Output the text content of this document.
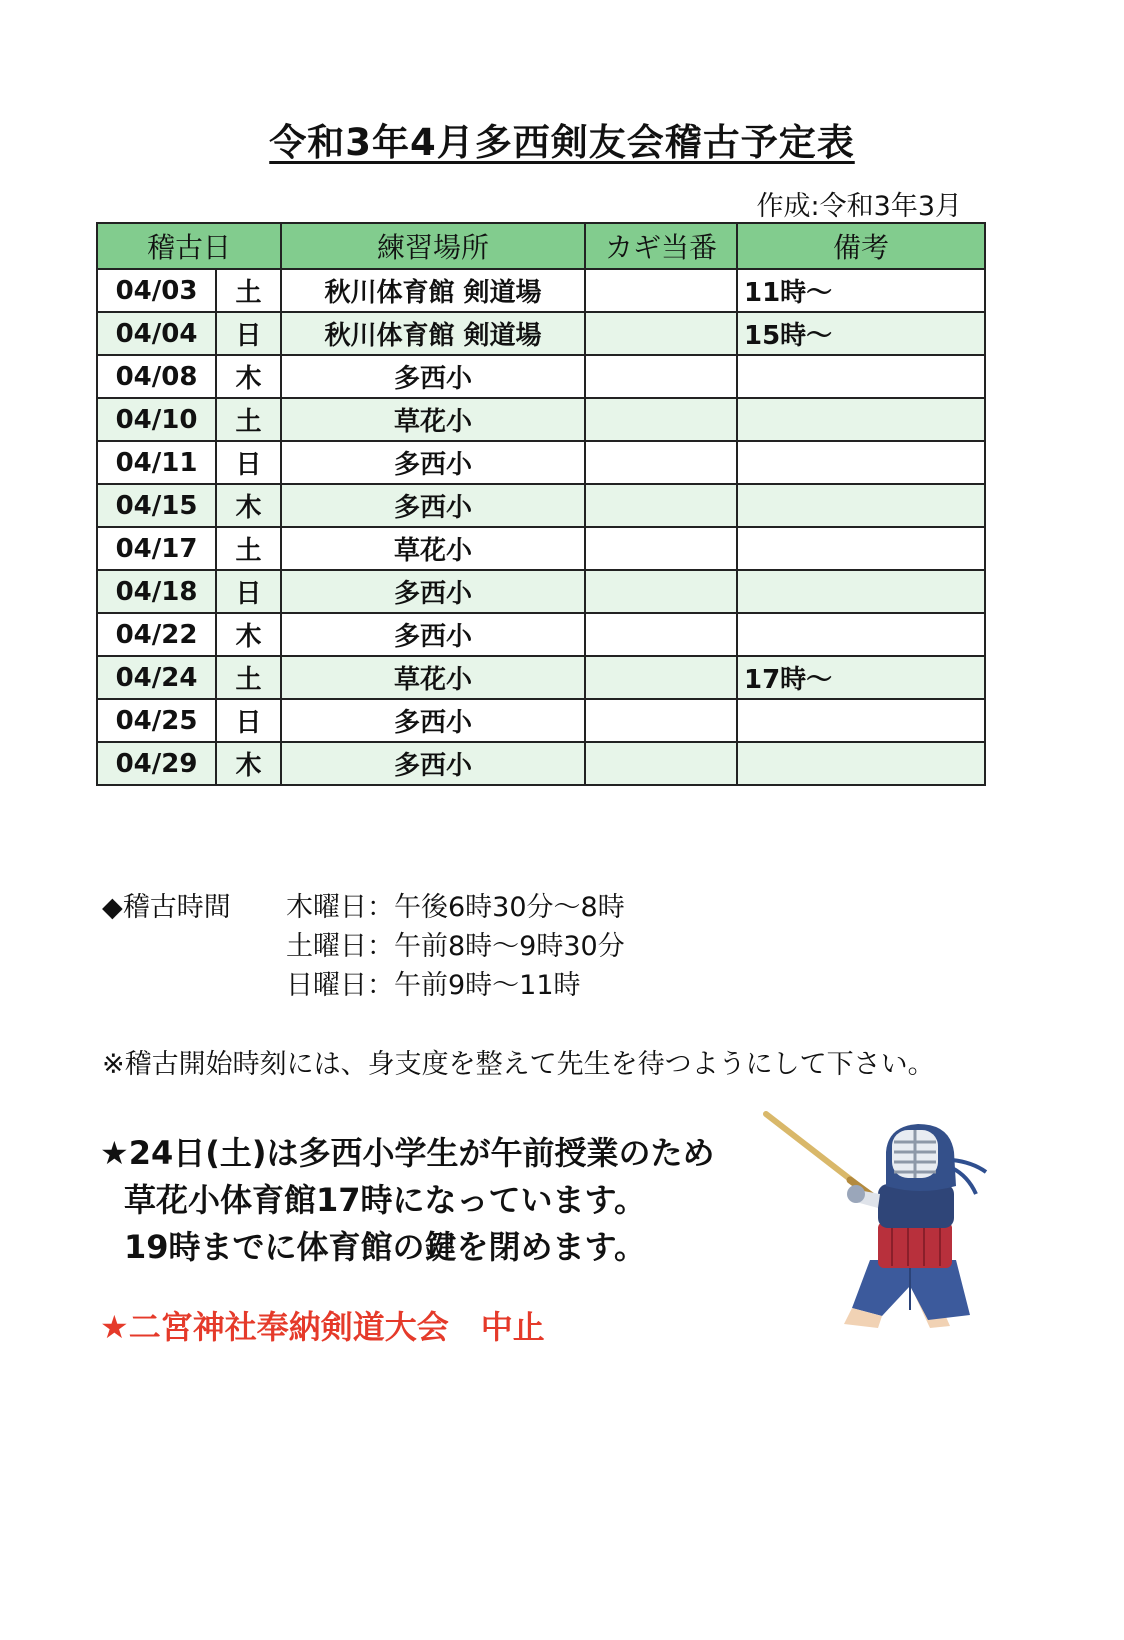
令和3年4月多西剣友会稽古予定表
作成:令和3年3月
稽古日		練習場所	カギ当番	備考
04/03	土	秋川体育館 剣道場		11時～
04/04	日	秋川体育館 剣道場		15時～
04/08	木	多西小		
04/10	土	草花小		
04/11	日	多西小		
04/15	木	多西小		
04/17	土	草花小		
04/18	日	多西小		
04/22	木	多西小		
04/24	土	草花小		17時～
04/25	日	多西小		
04/29	木	多西小		
◆稽古時間 木曜日：午後6時30分～8時
土曜日：午前8時～9時30分
日曜日：午前9時～11時
※稽古開始時刻には、身支度を整えて先生を待つようにして下さい。
★24日(土)は多西小学生が午前授業のため
草花小体育館17時になっています。
19時までに体育館の鍵を閉めます。
★二宮神社奉納剣道大会　中止
